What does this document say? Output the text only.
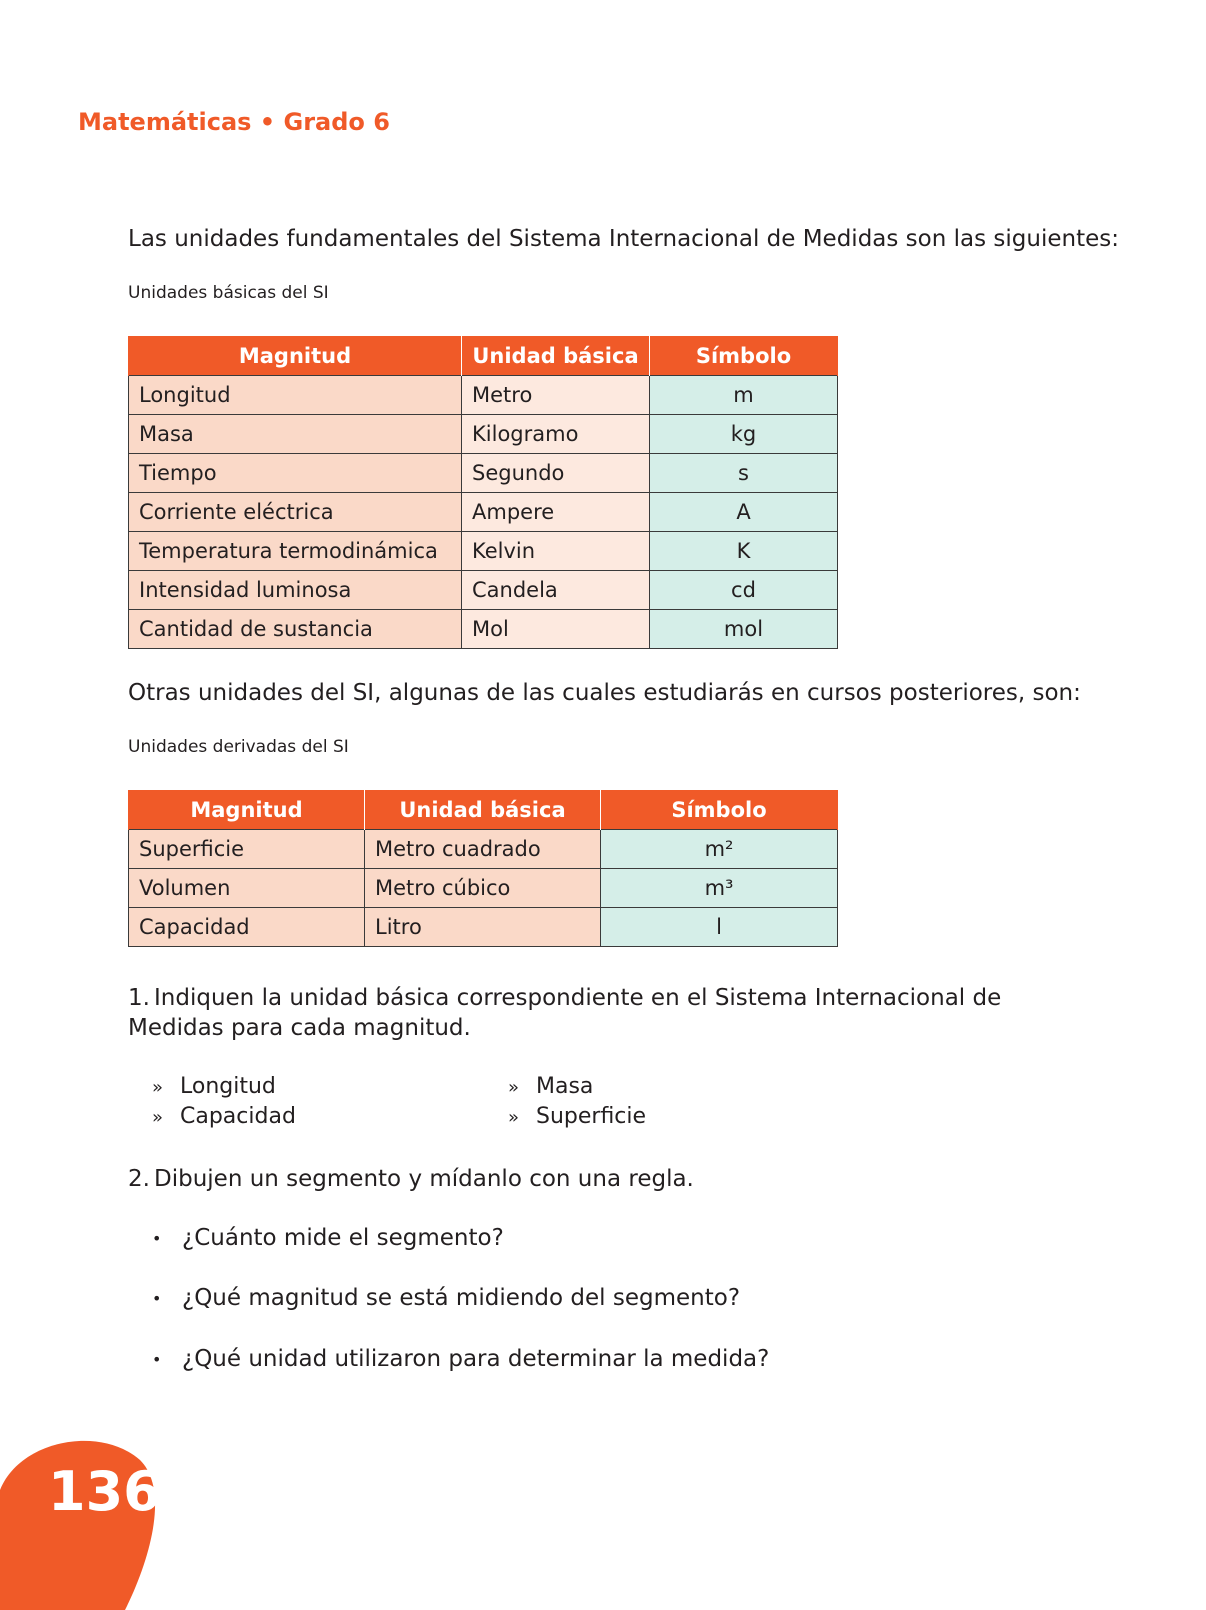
Matemáticas • Grado 6
Las unidades fundamentales del Sistema Internacional de Medidas son las siguientes:
Unidades básicas del SI
Magnitud	Unidad básica	Símbolo
Longitud	Metro	m
Masa	Kilogramo	kg
Tiempo	Segundo	s
Corriente eléctrica	Ampere	A
Temperatura termodinámica	Kelvin	K
Intensidad luminosa	Candela	cd
Cantidad de sustancia	Mol	mol
Otras unidades del SI, algunas de las cuales estudiarás en cursos posteriores, son:
Unidades derivadas del SI
Magnitud	Unidad básica	Símbolo
Superficie	Metro cuadrado	m²
Volumen	Metro cúbico	m³
Capacidad	Litro	l
1. Indiquen la unidad básica correspondiente en el Sistema Internacional de Medidas para cada magnitud.
» Longitud	» Masa
» Capacidad	» Superficie
2. Dibujen un segmento y mídanlo con una regla.
• ¿Cuánto mide el segmento?
• ¿Qué magnitud se está midiendo del segmento?
• ¿Qué unidad utilizaron para determinar la medida?
136
